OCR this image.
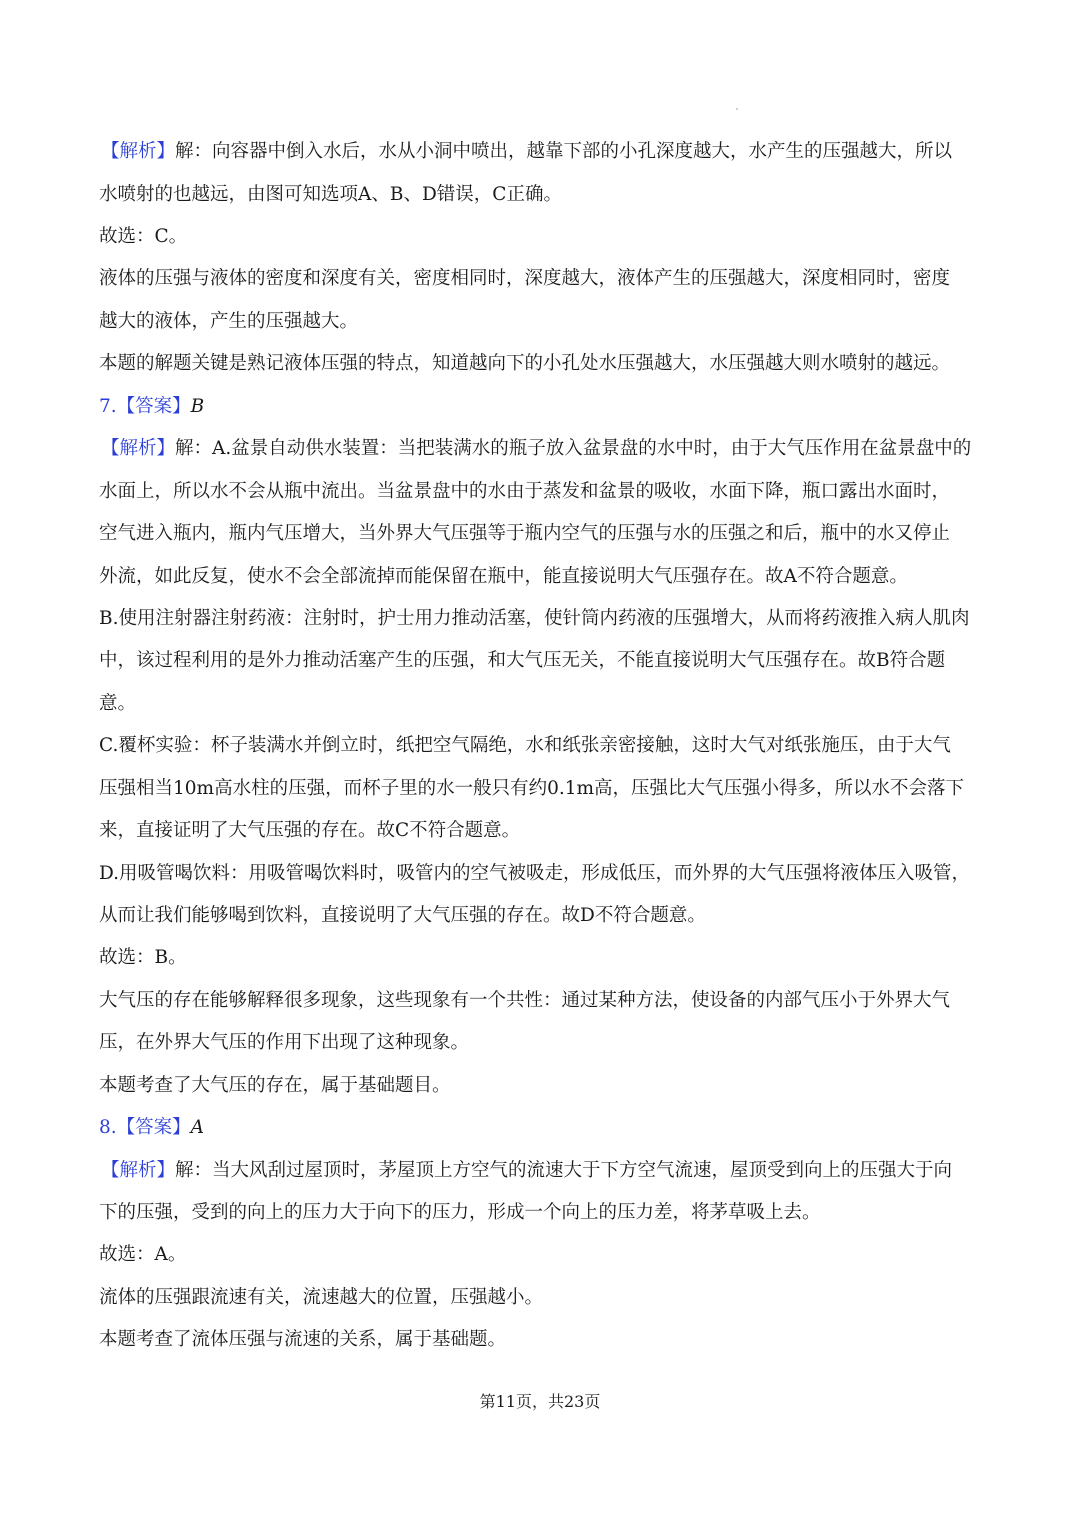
【解析】解：向容器中倒入水后，水从小洞中喷出，越靠下部的小孔深度越大，水产生的压强越大，所以
水喷射的也越远，由图可知选项A、B、D错误，C正确。
故选：C。
液体的压强与液体的密度和深度有关，密度相同时，深度越大，液体产生的压强越大，深度相同时，密度
越大的液体，产生的压强越大。
本题的解题关键是熟记液体压强的特点，知道越向下的小孔处水压强越大，水压强越大则水喷射的越远。
7.【答案】B
【解析】解：A.盆景自动供水装置：当把装满水的瓶子放入盆景盘的水中时，由于大气压作用在盆景盘中的
水面上，所以水不会从瓶中流出。当盆景盘中的水由于蒸发和盆景的吸收，水面下降，瓶口露出水面时，
空气进入瓶内，瓶内气压增大，当外界大气压强等于瓶内空气的压强与水的压强之和后，瓶中的水又停止
外流，如此反复，使水不会全部流掉而能保留在瓶中，能直接说明大气压强存在。故A不符合题意。
B.使用注射器注射药液：注射时，护士用力推动活塞，使针筒内药液的压强增大，从而将药液推入病人肌肉
中，该过程利用的是外力推动活塞产生的压强，和大气压无关，不能直接说明大气压强存在。故B符合题
意。
C.覆杯实验：杯子装满水并倒立时，纸把空气隔绝，水和纸张亲密接触，这时大气对纸张施压，由于大气
压强相当10m高水柱的压强，而杯子里的水一般只有约0.1m高，压强比大气压强小得多，所以水不会落下
来，直接证明了大气压强的存在。故C不符合题意。
D.用吸管喝饮料：用吸管喝饮料时，吸管内的空气被吸走，形成低压，而外界的大气压强将液体压入吸管，
从而让我们能够喝到饮料，直接说明了大气压强的存在。故D不符合题意。
故选：B。
大气压的存在能够解释很多现象，这些现象有一个共性：通过某种方法，使设备的内部气压小于外界大气
压，在外界大气压的作用下出现了这种现象。
本题考查了大气压的存在，属于基础题目。
8.【答案】A
【解析】解：当大风刮过屋顶时，茅屋顶上方空气的流速大于下方空气流速，屋顶受到向上的压强大于向
下的压强，受到的向上的压力大于向下的压力，形成一个向上的压力差，将茅草吸上去。
故选：A。
流体的压强跟流速有关，流速越大的位置，压强越小。
本题考查了流体压强与流速的关系，属于基础题。
第11页，共23页
